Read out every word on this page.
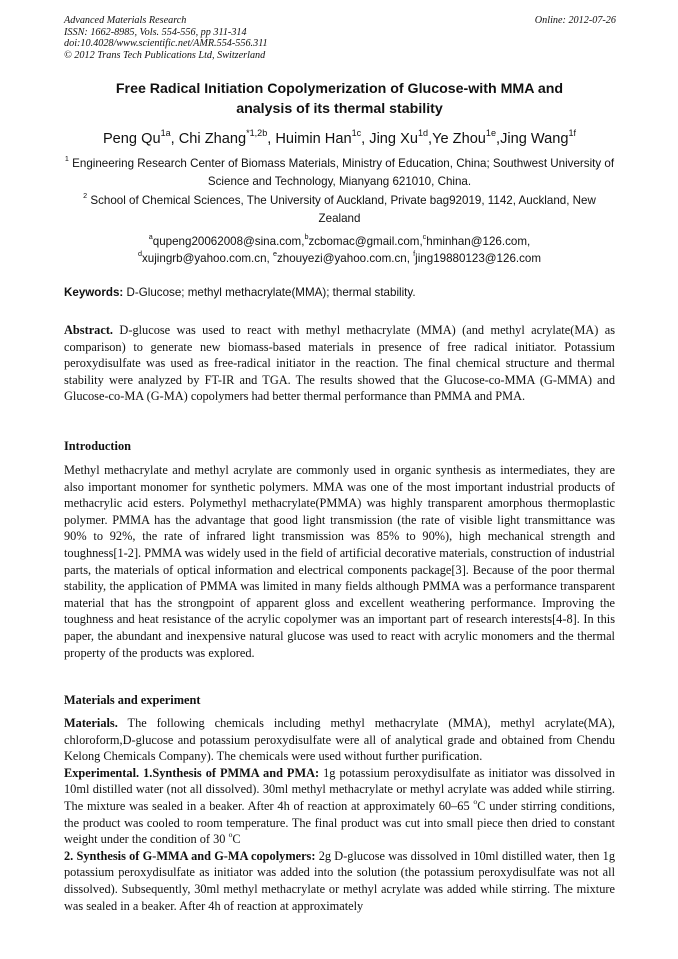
Advanced Materials Research
ISSN: 1662-8985, Vols. 554-556, pp 311-314
doi:10.4028/www.scientific.net/AMR.554-556.311
© 2012 Trans Tech Publications Ltd, Switzerland
Online: 2012-07-26
Free Radical Initiation Copolymerization of Glucose-with MMA and
analysis of its thermal stability
Peng $Qu^{1a}$, Chi Zhang$^{*1,2b}$, Huimin Han$^{1c}$, Jing $Xu^{1d},Ye$ Zhou$^{1e}$,Jing Wang$^{1f}$
$^1$ Engineering Research Center of Biomass Materials, Ministry of Education, China; Southwest University of Science and Technology, Mianyang 621010, China.
$^2$ School of Chemical Sciences, The University of Auckland, Private bag92019, 1142, Auckland, New Zealand
$^a$qupeng20062008@sina.com,$^b$zcbomac@gmail.com,$^c$hminhan@126.com,
$^d$xujingrb@yahoo.com.cn, $^e$zhouyezi@yahoo.com.cn, $^f$jing19880123@126.com
Keywords: D-Glucose; methyl methacrylate(MMA); thermal stability.

Abstract. D-glucose was used to react with methyl methacrylate (MMA) (and methyl acrylate(MA) as comparison) to generate new biomass-based materials in presence of free radical initiator. Potassium peroxydisulfate was used as free-radical initiator in the reaction. The final chemical structure and thermal stability were analyzed by FT-IR and TGA. The results showed that the Glucose-co-MMA (G-MMA) and Glucose-co-MA (G-MA) copolymers had better thermal performance than PMMA and PMA.

Introduction

Methyl methacrylate and methyl acrylate are commonly used in organic synthesis as intermediates, they are also important monomer for synthetic polymers. MMA was one of the most important industrial products of methacrylic acid esters. Polymethyl methacrylate(PMMA) was highly transparent amorphous thermoplastic polymer. PMMA has the advantage that good light transmission (the rate of visible light transmittance was 90% to 92%, the rate of infrared light transmission was 85% to 90%), high mechanical strength and toughness[1-2]. PMMA was widely used in the field of artificial decorative materials, construction of industrial parts, the materials of optical information and electrical components package[3]. Because of the poor thermal stability, the application of PMMA was limited in many fields although PMMA was a performance transparent material that has the strongpoint of apparent gloss and excellent weathering performance. Improving the toughness and heat resistance of the acrylic copolymer was an important part of research interests[4-8]. In this paper, the abundant and inexpensive natural glucose was used to react with acrylic monomers and the thermal property of the products was explored.

Materials and experiment

Materials. The following chemicals including methyl methacrylate (MMA), methyl acrylate(MA), chloroform,D-glucose and potassium peroxydisulfate were all of analytical grade and obtained from Chendu Kelong Chemicals Company). The chemicals were used without further purification.

Experimental. 1.Synthesis of PMMA and PMA: 1g potassium peroxydisulfate as initiator was dissolved in 10ml distilled water (not all dissolved). 30ml methyl methacrylate or methyl acrylate was added while stirring. The mixture was sealed in a beaker. After 4h of reaction at approximately 60–65 $^o$C under stirring conditions, the product was cooled to room temperature. The final product was cut into small piece then dried to constant weight under the condition of 30 $^o$C

2. Synthesis of G-MMA and G-MA copolymers: 2g D-glucose was dissolved in 10ml distilled water, then 1g potassium peroxydisulfate as initiator was added into the solution (the potassium peroxydisulfate was not all dissolved). Subsequently, 30ml methyl methacrylate or methyl acrylate was added while stirring. The mixture was sealed in a beaker. After 4h of reaction at approximately
